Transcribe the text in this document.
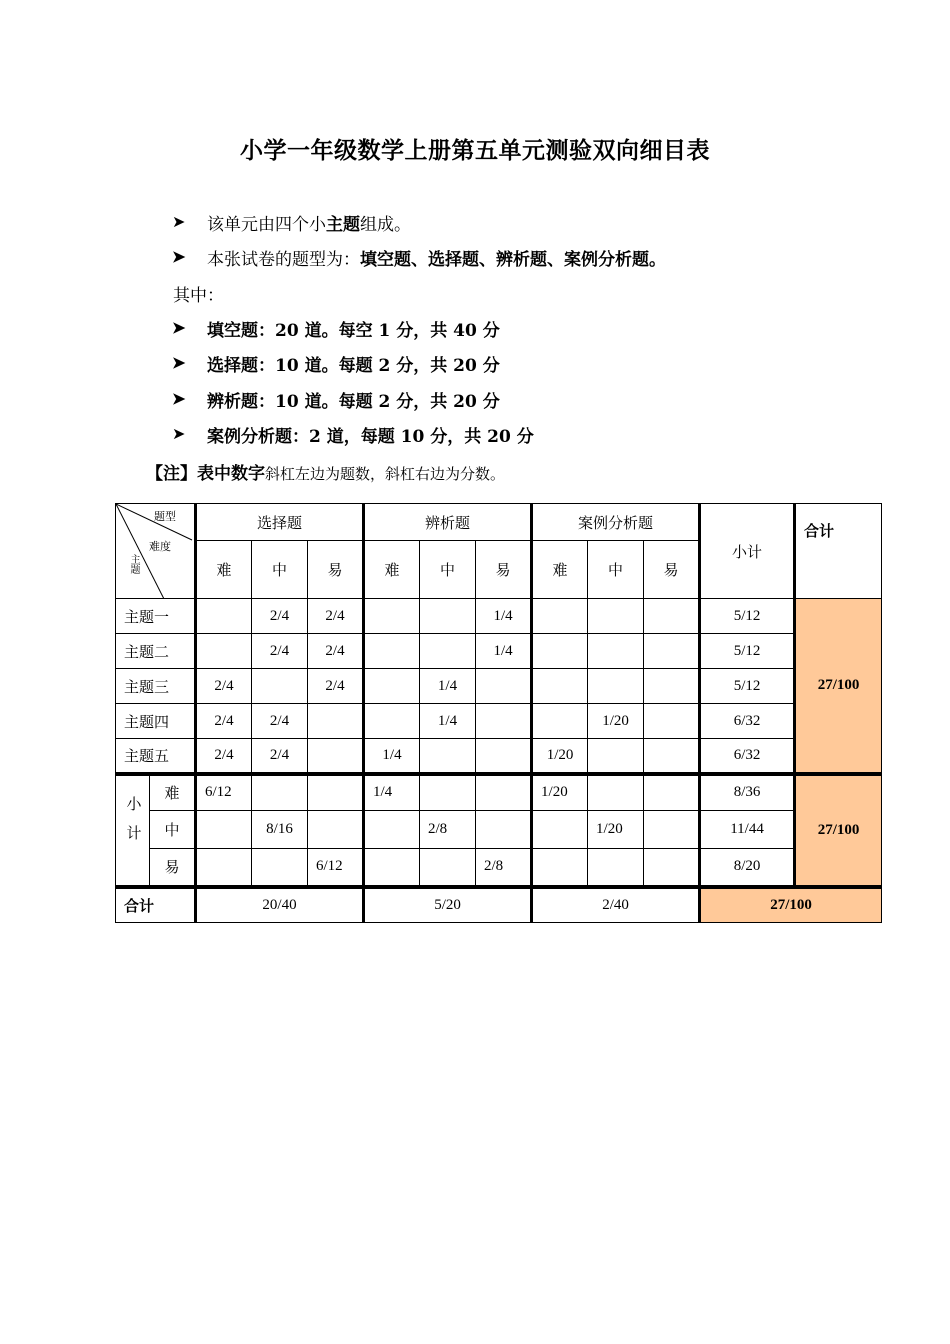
小学一年级数学上册第五单元测验双向细目表
➤ 该单元由四个小主题组成。
➤ 本张试卷的题型为：填空题、选择题、辨析题、案例分析题。
其中：
➤ 填空题：20 道。每空 1 分，共 40 分
➤ 选择题：10 道。每题 2 分，共 20 分
➤ 辨析题：10 道。每题 2 分，共 20 分
➤ 案例分析题：2 道，每题 10 分，共 20 分
【注】表中数字斜杠左边为题数，斜杠右边为分数。
题型
难度
主题		选择题			辨析题			案例分析题			小计	合计
		难	中	易	难	中	易	难	中	易		
主题一			2/4	2/4			1/4				5/12	27/100
主题二			2/4	2/4			1/4				5/12	
主题三		2/4		2/4		1/4					5/12	
主题四		2/4	2/4			1/4			1/20		6/32	
主题五		2/4	2/4		1/4			1/20			6/32	
小计	难	6/12			1/4			1/20			8/36	27/100
	中		8/16			2/8			1/20		11/44	
	易			6/12			2/8				8/20	
合计		20/40			5/20			2/40			27/100	
